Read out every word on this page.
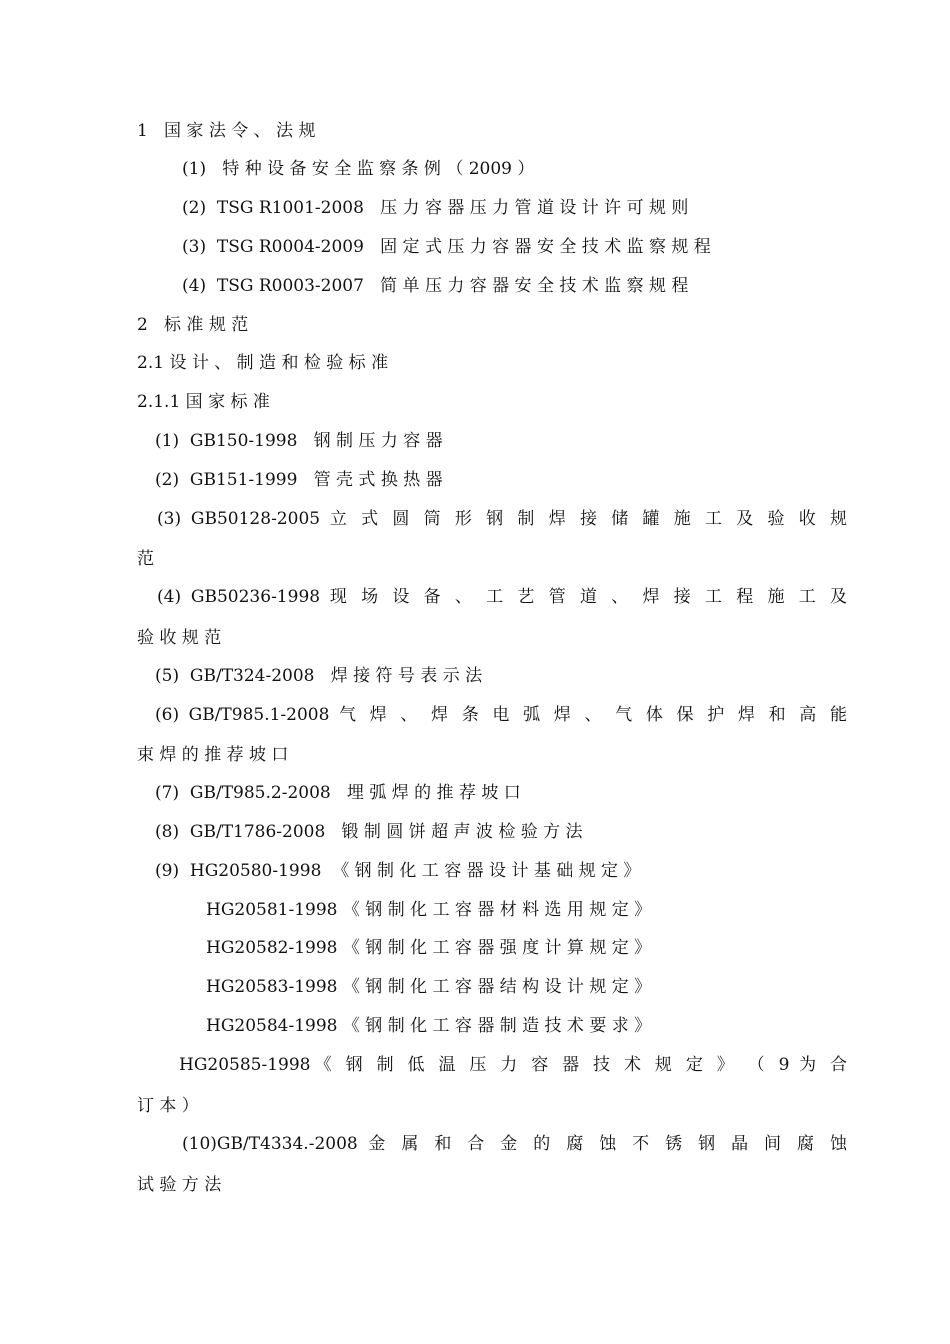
1   国 家 法 令 、 法 规
(1)   特 种 设 备 安 全 监 察 条 例 （ 2009 ）
(2)  TSG R1001-2008   压 力 容 器 压 力 管 道 设 计 许 可 规 则
(3)  TSG R0004-2009   固 定 式 压 力 容 器 安 全 技 术 监 察 规 程
(4)  TSG R0003-2007   简 单 压 力 容 器 安 全 技 术 监 察 规 程
2   标 准 规 范
2.1 设 计 、 制 造 和 检 验 标 准
2.1.1 国 家 标 准
(1)  GB150-1998   钢 制 压 力 容 器
(2)  GB151-1999   管 壳 式 换 热 器
(3) GB50128-2005 立 式 圆 筒 形 钢 制 焊 接 储 罐 施 工 及 验 收 规
范
(4) GB50236-1998 现 场 设 备 、 工 艺 管 道 、 焊 接 工 程 施 工 及
验 收 规 范
(5)  GB/T324-2008   焊 接 符 号 表 示 法
(6) GB/T985.1-2008 气 焊 、 焊 条 电 弧 焊 、 气 体 保 护 焊 和 高 能
束 焊 的 推 荐 坡 口
(7)  GB/T985.2-2008   埋 弧 焊 的 推 荐 坡 口
(8)  GB/T1786-2008   锻 制 圆 饼 超 声 波 检 验 方 法
(9)  HG20580-1998  《 钢 制 化 工 容 器 设 计 基 础 规 定 》
HG20581-1998 《 钢 制 化 工 容 器 材 料 选 用 规 定 》
HG20582-1998 《 钢 制 化 工 容 器 强 度 计 算 规 定 》
HG20583-1998 《 钢 制 化 工 容 器 结 构 设 计 规 定 》
HG20584-1998 《 钢 制 化 工 容 器 制 造 技 术 要 求 》
HG20585-1998《 钢 制 低 温 压 力 容 器 技 术 规 定 》 （ 9 为 合
订 本 ）
(10)GB/T4334.-2008 金 属 和 合 金 的 腐 蚀 不 锈 钢 晶 间 腐 蚀
试 验 方 法
